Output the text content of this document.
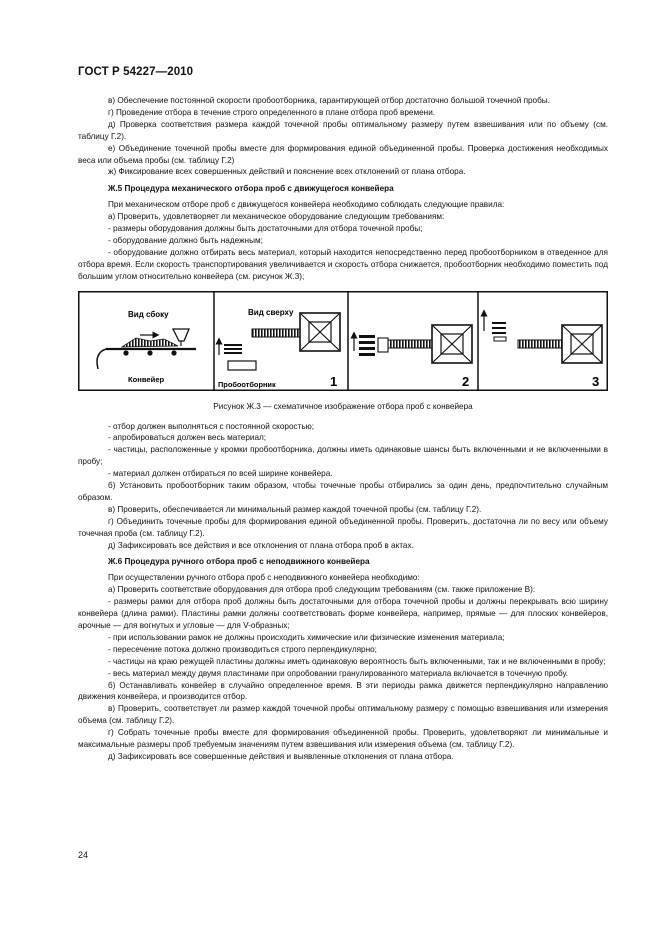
ГОСТ Р 54227—2010

в) Обеспечение постоянной скорости пробоотборника, гарантирующей отбор достаточно большой точечной пробы.

г) Проведение отбора в течение строго определенного в плане отбора проб времени.

д) Проверка соответствия размера каждой точечной пробы оптимальному размеру путем взвешивания или по объему (см. таблицу Г.2).

е) Объединение точечной пробы вместе для формирования единой объединенной пробы. Проверка достижения необходимых веса или объема пробы (см. таблицу Г.2)

ж) Фиксирование всех совершенных действий и пояснение всех отклонений от плана отбора.

Ж.5 Процедура механического отбора проб с движущегося конвейера

При механическом отборе проб с движущегося конвейера необходимо соблюдать следующие правила:

а) Проверить, удовлетворяет ли механическое оборудование следующим требованиям:

- размеры оборудования должны быть достаточными для отбора точечной пробы;

- оборудование должно быть надежным;

- оборудование должно отбирать весь материал, который находится непосредственно перед пробоотборником в отведенное для отбора время. Если скорость транспортирования увеличивается и скорость отбора снижается, пробоотборник необходимо поместить под большим углом относительно конвейера (см. рисунок Ж.3);

Вид сбоку
Конвейер
Вид сверху
Пробоотборник	1	2	3

Рисунок Ж.3 — схематичное изображение отбора проб с конвейера

- отбор должен выполняться с постоянной скоростью;

- апробироваться должен весь материал;

- частицы, расположенные у кромки пробоотборника, должны иметь одинаковые шансы быть включенными и не включенными в пробу;

- материал должен отбираться по всей ширине конвейера.

б) Установить пробоотборник таким образом, чтобы точечные пробы отбирались за один день, предпочтительно случайным образом.

в) Проверить, обеспечивается ли минимальный размер каждой точечной пробы (см. таблицу Г.2).

г) Объединить точечные пробы для формирования единой объединенной пробы. Проверить, достаточна ли по весу или объему точечная проба (см. таблицу Г.2).

д) Зафиксировать все действия и все отклонения от плана отбора проб в актах.

Ж.6 Процедура ручного отбора проб с неподвижного конвейера

При осуществлении ручного отбора проб с неподвижного конвейера необходимо:

а) Проверить соответствие оборудования для отбора проб следующим требованиям (см. также приложение В):

- размеры рамки для отбора проб должны быть достаточными для отбора точечной пробы и должны перекрывать всю ширину конвейера (длина рамки). Пластины рамки должны соответствовать форме конвейера, например, прямые — для плоских конвейеров, арочные — для вогнутых и угловые — для V-образных;

- при использовании рамок не должны происходить химические или физические изменения материала;

- пересечение потока должно производиться строго перпендикулярно;

- частицы на краю режущей пластины должны иметь одинаковую вероятность быть включенными, так и не включенными в пробу;

- весь материал между двумя пластинами при опробовании гранулированного материала включается в точечную пробу.

б) Останавливать конвейер в случайно определенное время. В эти периоды рамка движется перпендикулярно направлению движения конвейера, и производится отбор.

в) Проверить, соответствует ли размер каждой точечной пробы оптимальному размеру с помощью взвешивания или измерения объема (см. таблицу Г.2).

г) Собрать точечные пробы вместе для формирования объединенной пробы. Проверить, удовлетворяют ли минимальные и максимальные размеры проб требуемым значениям путем взвешивания или измерения объема (см. таблицу Г.2).

д) Зафиксировать все совершенные действия и выявленные отклонения от плана отбора.

24
